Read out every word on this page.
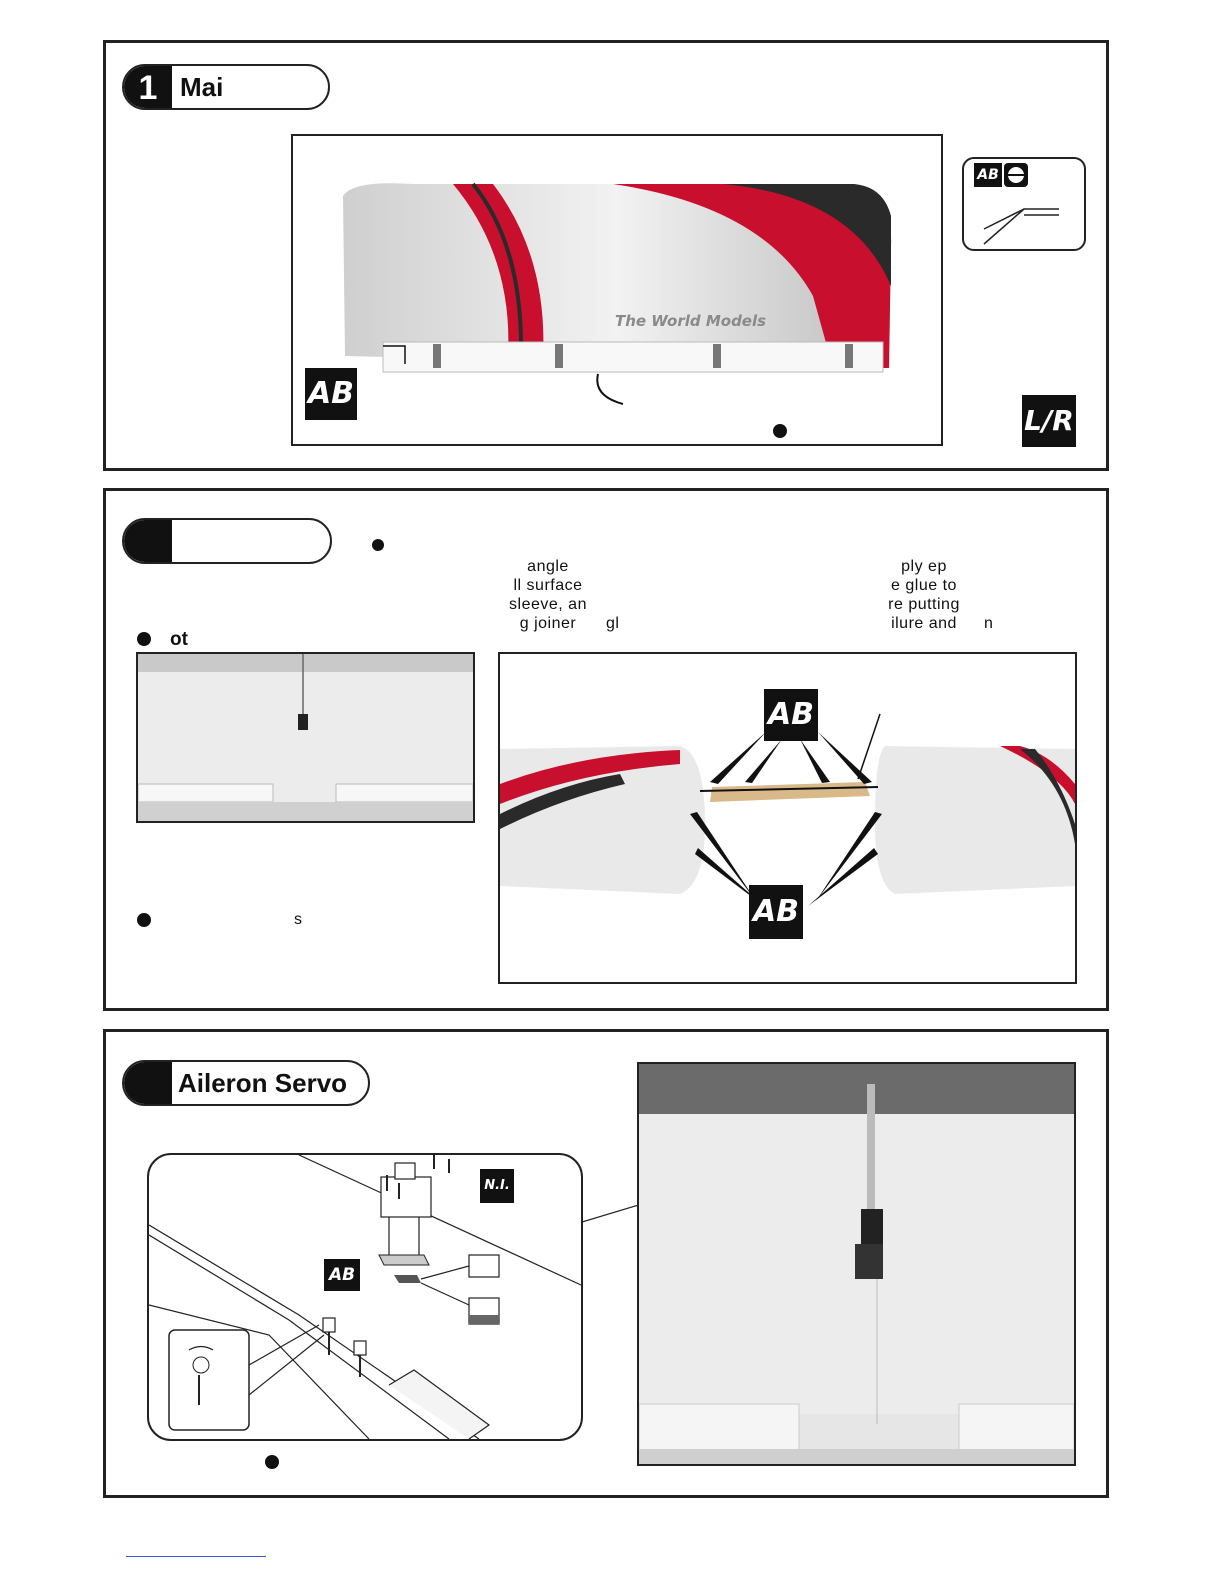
1 Mai
The World Models
AB
AB
L/R
angle
ll surface
sleeve, an
g joiner	gl
ply ep
e glue to
re putting
ilure and	n
ot
s
AB
AB
Aileron Servo
N.I.
AB
